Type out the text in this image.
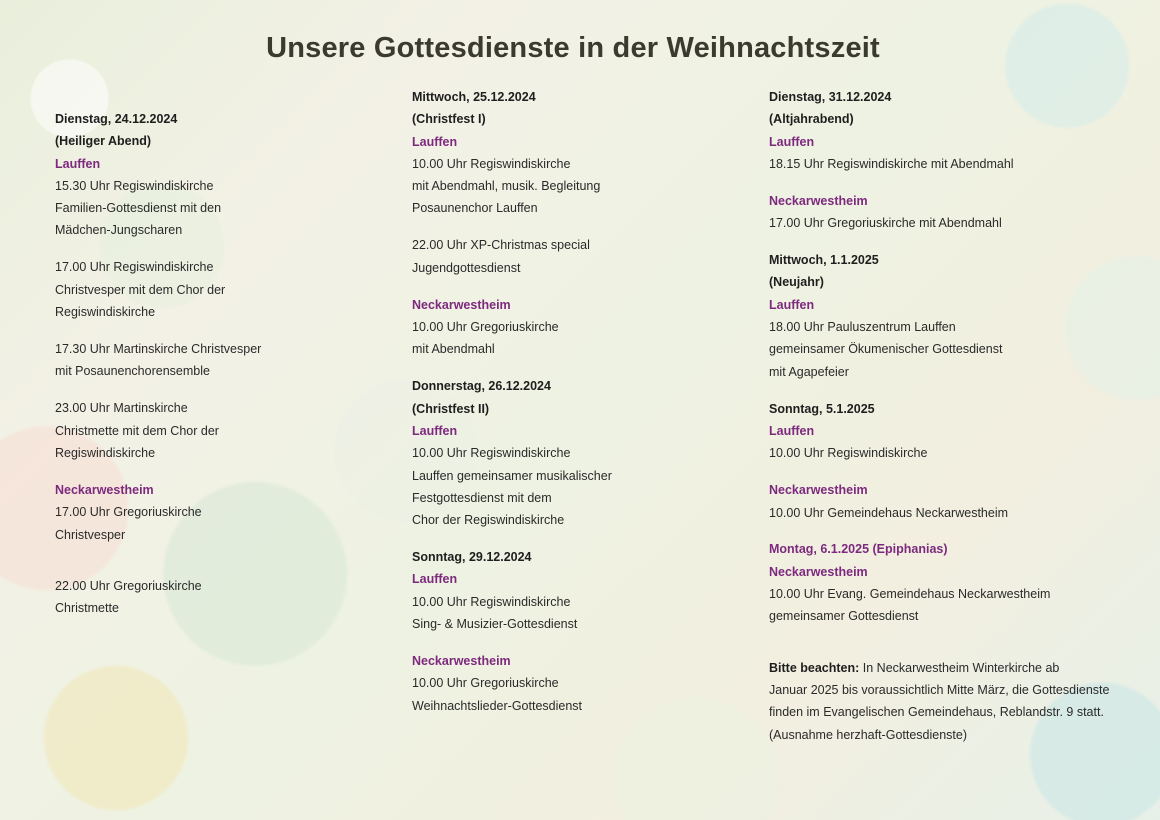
Unsere Gottesdienste in der Weihnachtszeit
Dienstag, 24.12.2024
(Heiliger Abend)
Lauffen
15.30 Uhr Regiswindiskirche
Familien-Gottesdienst mit den
Mädchen-Jungscharen
17.00 Uhr Regiswindiskirche
Christvesper mit dem Chor der
Regiswindiskirche
17.30 Uhr Martinskirche Christvesper
mit Posaunenchorensemble
23.00 Uhr Martinskirche
Christmette mit dem Chor der
Regiswindiskirche
Neckarwestheim
17.00 Uhr Gregoriuskirche
Christvesper
22.00 Uhr Gregoriuskirche
Christmette
Mittwoch, 25.12.2024
(Christfest I)
Lauffen
10.00 Uhr Regiswindiskirche
mit Abendmahl, musik. Begleitung
Posaunenchor Lauffen
22.00 Uhr XP-Christmas special
Jugendgottesdienst
Neckarwestheim
10.00 Uhr Gregoriuskirche
mit Abendmahl
Donnerstag, 26.12.2024
(Christfest II)
Lauffen
10.00 Uhr Regiswindiskirche
Lauffen gemeinsamer musikalischer
Festgottesdienst mit dem
Chor der Regiswindiskirche
Sonntag, 29.12.2024
Lauffen
10.00 Uhr Regiswindiskirche
Sing- & Musizier-Gottesdienst
Neckarwestheim
10.00 Uhr Gregoriuskirche
Weihnachtslieder-Gottesdienst
Dienstag, 31.12.2024
(Altjahrabend)
Lauffen
18.15 Uhr Regiswindiskirche mit Abendmahl
Neckarwestheim
17.00 Uhr Gregoriuskirche mit Abendmahl
Mittwoch, 1.1.2025
(Neujahr)
Lauffen
18.00 Uhr Pauluszentrum Lauffen
gemeinsamer Ökumenischer Gottesdienst
mit Agapefeier
Sonntag, 5.1.2025
Lauffen
10.00 Uhr Regiswindiskirche
Neckarwestheim
10.00 Uhr Gemeindehaus Neckarwestheim
Montag, 6.1.2025 (Epiphanias)
Neckarwestheim
10.00 Uhr Evang. Gemeindehaus Neckarwestheim
gemeinsamer Gottesdienst
Bitte beachten: In Neckarwestheim Winterkirche ab
Januar 2025 bis voraussichtlich Mitte März, die Gottesdienste
finden im Evangelischen Gemeindehaus, Reblandstr. 9 statt.
(Ausnahme herzhaft-Gottesdienste)
